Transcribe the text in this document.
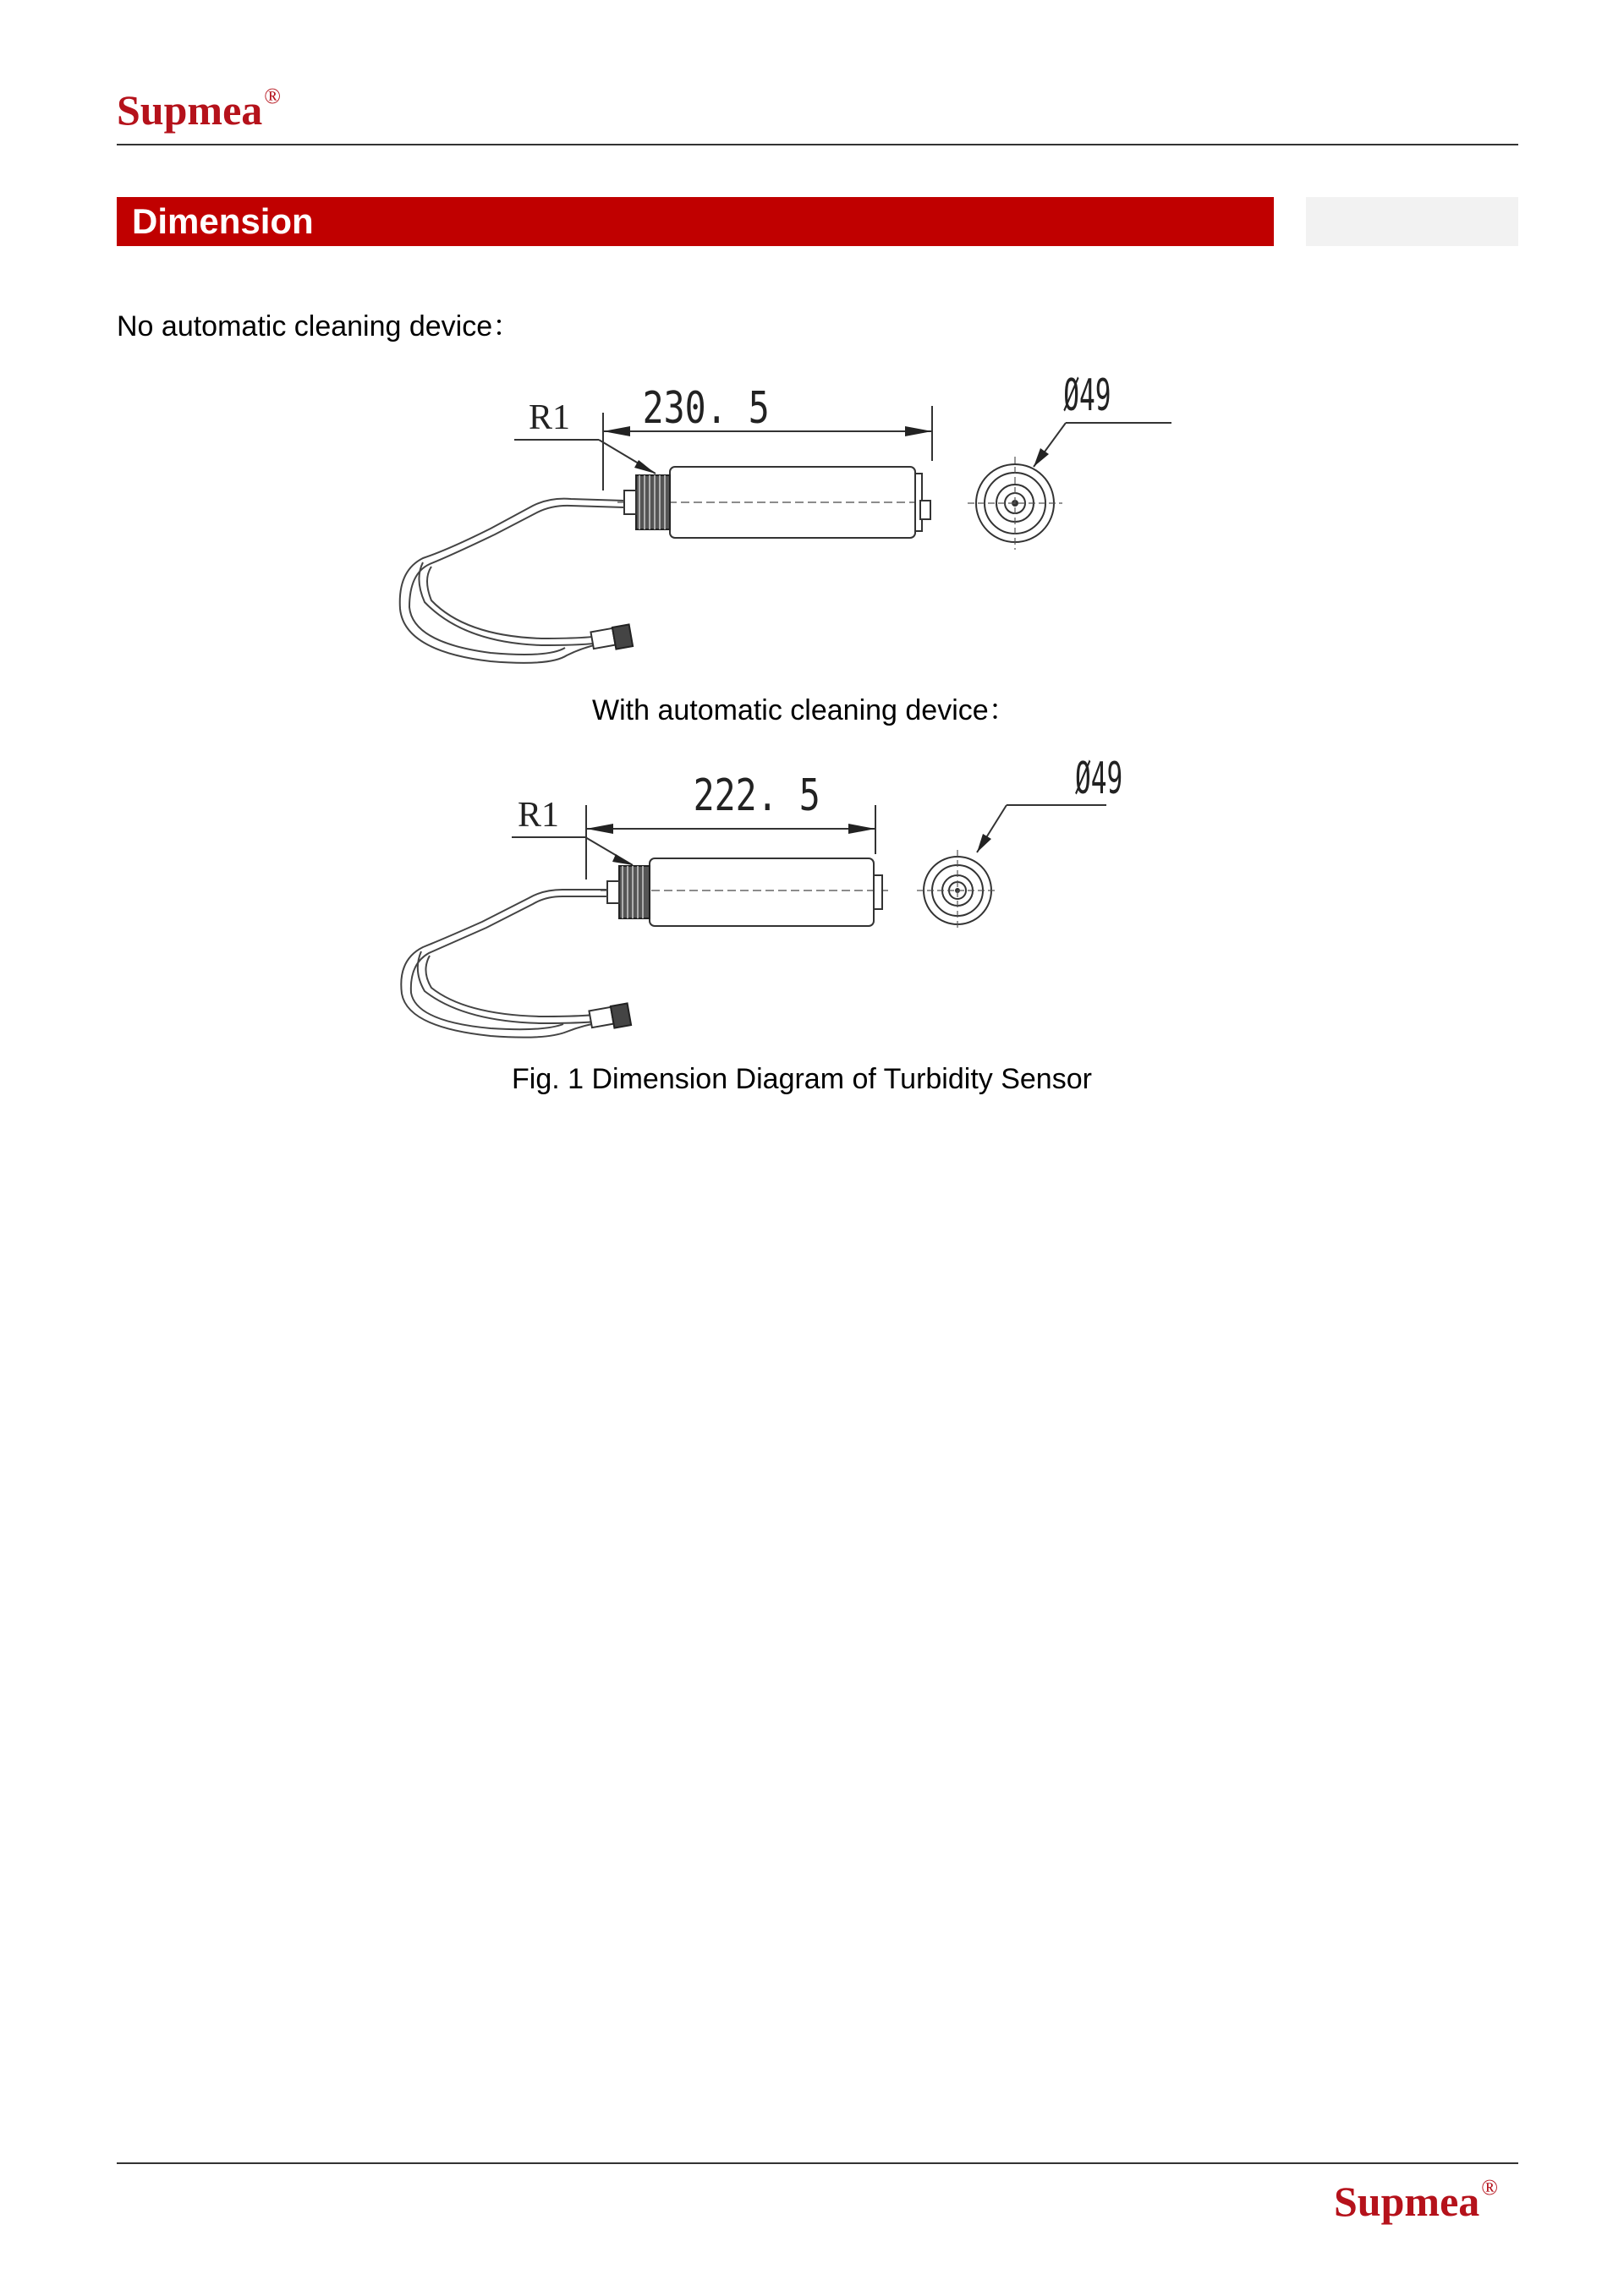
Supmea®
Dimension
No automatic cleaning device：
R1 230. 5	Ø49
With automatic cleaning device：
R1	222. 5	Ø49
Fig. 1 Dimension Diagram of Turbidity Sensor
Supmea®
